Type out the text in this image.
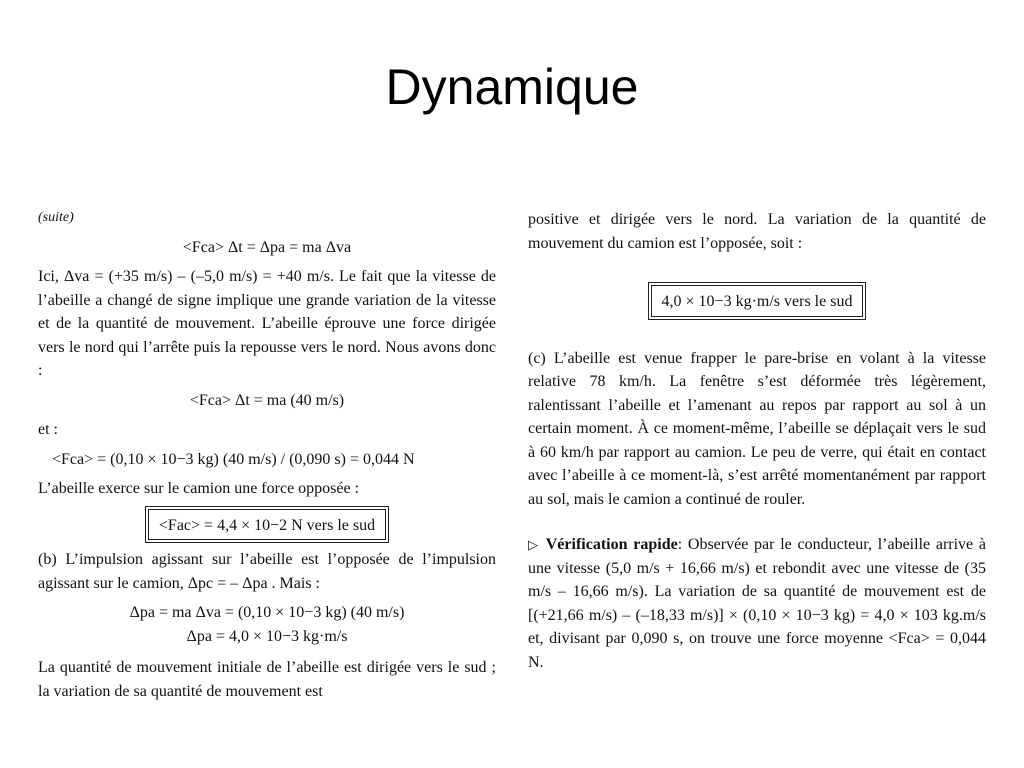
Dynamique
(suite)
<Fca> Δt = Δpa = ma Δva
Ici, Δva = (+35 m/s) – (–5,0 m/s) = +40 m/s. Le fait que la vitesse de l’abeille a changé de signe implique une grande variation de la vitesse et de la quantité de mouvement. L’abeille éprouve une force dirigée vers le nord qui l’arrête puis la repousse vers le nord. Nous avons donc :
<Fca> Δt = ma (40 m/s)
et :
<Fca> = (0,10 × 10−3 kg) (40 m/s) / (0,090 s) = 0,044 N
L’abeille exerce sur le camion une force opposée :
<Fac> = 4,4 × 10−2 N vers le sud
(b) L’impulsion agissant sur l’abeille est l’opposée de l’impulsion agissant sur le camion, Δpc = – Δpa . Mais :
Δpa = ma Δva = (0,10 × 10−3 kg) (40 m/s)
Δpa = 4,0 × 10−3 kg·m/s
La quantité de mouvement initiale de l’abeille est dirigée vers le sud ; la variation de sa quantité de mouvement est
positive et dirigée vers le nord. La variation de la quantité de mouvement du camion est l’opposée, soit :
4,0 × 10−3 kg·m/s vers le sud
(c) L’abeille est venue frapper le pare-brise en volant à la vitesse relative 78 km/h. La fenêtre s’est déformée très légèrement, ralentissant l’abeille et l’amenant au repos par rapport au sol à un certain moment. À ce moment-même, l’abeille se déplaçait vers le sud à 60 km/h par rapport au camion. Le peu de verre, qui était en contact avec l’abeille à ce moment-là, s’est arrêté momentanément par rapport au sol, mais le camion a continué de rouler.
▷ Vérification rapide: Observée par le conducteur, l’abeille arrive à une vitesse (5,0 m/s + 16,66 m/s) et rebondit avec une vitesse de (35 m/s – 16,66 m/s). La variation de sa quantité de mouvement est de [(+21,66 m/s) – (–18,33 m/s)] × (0,10 × 10−3 kg) = 4,0 × 103 kg.m/s et, divisant par 0,090 s, on trouve une force moyenne <Fca> = 0,044 N.
